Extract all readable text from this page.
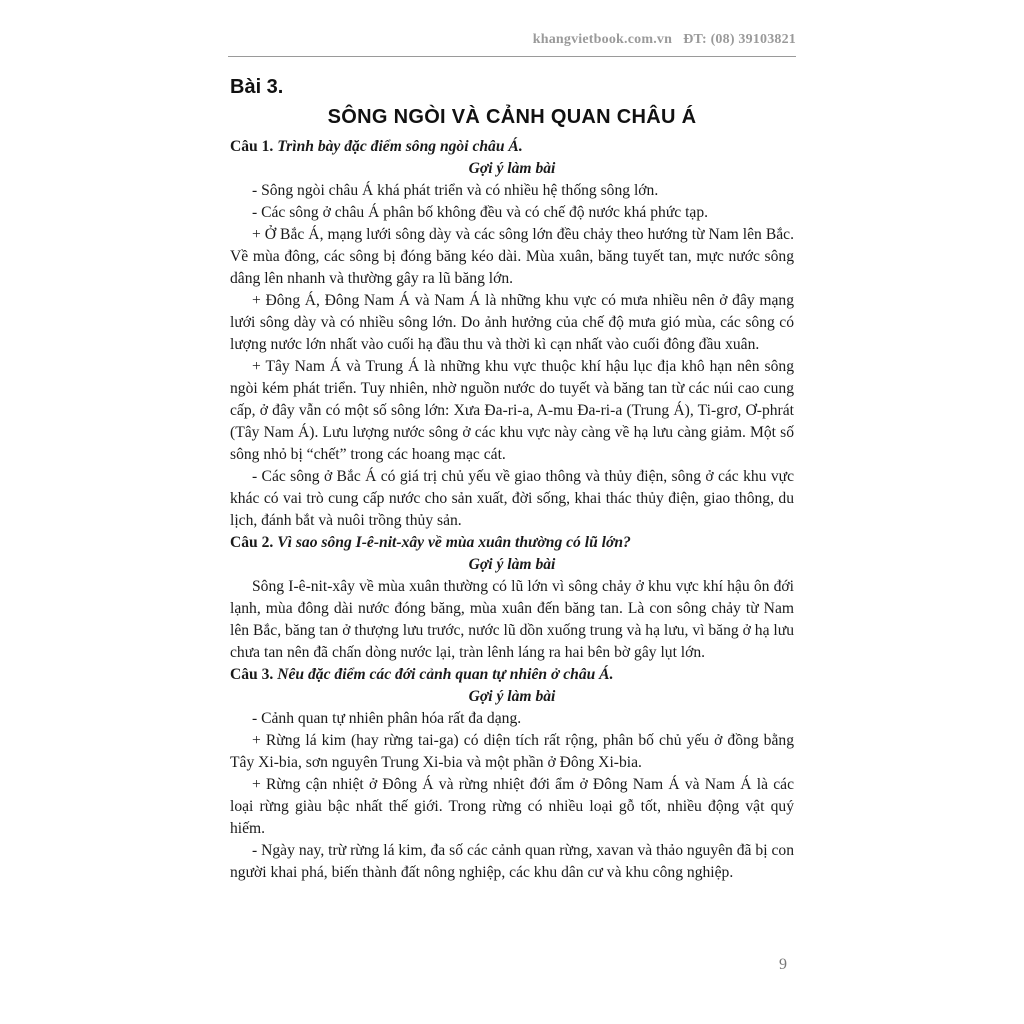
khangvietbook.com.vn ĐT: (08) 39103821
Bài 3.
SÔNG NGÒI VÀ CẢNH QUAN CHÂU Á

Câu 1. Trình bày đặc điểm sông ngòi châu Á.

Gợi ý làm bài

- Sông ngòi châu Á khá phát triển và có nhiều hệ thống sông lớn.

- Các sông ở châu Á phân bố không đều và có chế độ nước khá phức tạp.

+ Ở Bắc Á, mạng lưới sông dày và các sông lớn đều chảy theo hướng từ Nam lên Bắc. Về mùa đông, các sông bị đóng băng kéo dài. Mùa xuân, băng tuyết tan, mực nước sông dâng lên nhanh và thường gây ra lũ băng lớn.

+ Đông Á, Đông Nam Á và Nam Á là những khu vực có mưa nhiều nên ở đây mạng lưới sông dày và có nhiều sông lớn. Do ảnh hưởng của chế độ mưa gió mùa, các sông có lượng nước lớn nhất vào cuối hạ đầu thu và thời kì cạn nhất vào cuối đông đầu xuân.

+ Tây Nam Á và Trung Á là những khu vực thuộc khí hậu lục địa khô hạn nên sông ngòi kém phát triển. Tuy nhiên, nhờ nguồn nước do tuyết và băng tan từ các núi cao cung cấp, ở đây vẫn có một số sông lớn: Xưa Đa-ri-a, A-mu Đa-ri-a (Trung Á), Ti-grơ, Ơ-phrát (Tây Nam Á). Lưu lượng nước sông ở các khu vực này càng về hạ lưu càng giảm. Một số sông nhỏ bị “chết” trong các hoang mạc cát.

- Các sông ở Bắc Á có giá trị chủ yếu về giao thông và thủy điện, sông ở các khu vực khác có vai trò cung cấp nước cho sản xuất, đời sống, khai thác thủy điện, giao thông, du lịch, đánh bắt và nuôi trồng thủy sản.

Câu 2. Vì sao sông I-ê-nit-xây về mùa xuân thường có lũ lớn?

Gợi ý làm bài

Sông I-ê-nit-xây về mùa xuân thường có lũ lớn vì sông chảy ở khu vực khí hậu ôn đới lạnh, mùa đông dài nước đóng băng, mùa xuân đến băng tan. Là con sông chảy từ Nam lên Bắc, băng tan ở thượng lưu trước, nước lũ dồn xuống trung và hạ lưu, vì băng ở hạ lưu chưa tan nên đã chấn dòng nước lại, tràn lênh láng ra hai bên bờ gây lụt lớn.

Câu 3. Nêu đặc điểm các đới cảnh quan tự nhiên ở châu Á.

Gợi ý làm bài

- Cảnh quan tự nhiên phân hóa rất đa dạng.

+ Rừng lá kim (hay rừng tai-ga) có diện tích rất rộng, phân bố chủ yếu ở đồng bằng Tây Xi-bia, sơn nguyên Trung Xi-bia và một phần ở Đông Xi-bia.

+ Rừng cận nhiệt ở Đông Á và rừng nhiệt đới ẩm ở Đông Nam Á và Nam Á là các loại rừng giàu bậc nhất thế giới. Trong rừng có nhiều loại gỗ tốt, nhiều động vật quý hiếm.

- Ngày nay, trừ rừng lá kim, đa số các cảnh quan rừng, xavan và thảo nguyên đã bị con người khai phá, biến thành đất nông nghiệp, các khu dân cư và khu công nghiệp.

9
